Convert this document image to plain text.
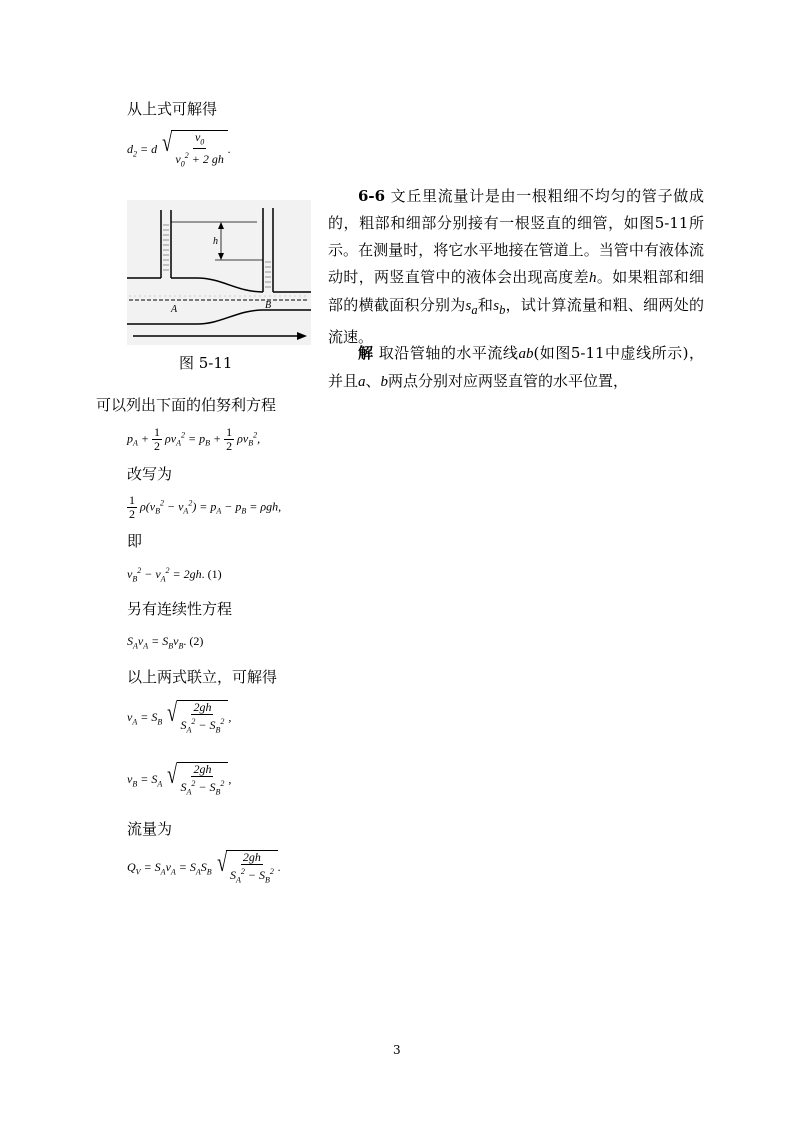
从上式可解得
$d_2 = d$ √ $\frac{v_0}{v_0^2 + 2 gh}$ .
h
A	B
图 5-11
可以列出下面的伯努利方程
$p_A + \frac{1}{2} \rho v_A^2 = p_B + \frac{1}{2} \rho v_B^2$,
改写为
$\frac{1}{2} \rho(v_B^2 - v_A^2) = p_A - p_B = \rho gh$,
即
$v_B^2 - v_A^2 = 2gh$. (1)
另有连续性方程
$S_Av_A = S_Bv_B$. (2)
以上两式联立，可解得
$v_A = S_B$ √ $\frac{2gh}{S_A^2 - S_B^2}$ ,
$v_B = S_A$ √ $\frac{2gh}{S_A^2 - S_B^2}$ ,
流量为
$Q_V = S_Av_A = S_AS_B$ √ $\frac{2gh}{S_A^2 - S_B^2}$ .
6-6 文丘里流量计是由一根粗细不均匀的管子做成的，粗部和细部分别接有一根竖直的细管，如图5-11所示。在测量时，将它水平地接在管道上。当管中有液体流动时，两竖直管中的液体会出现高度差h。如果粗部和细部的横截面积分别为$s_a$和$s_b$，试计算流量和粗、细两处的流速。
解 取沿管轴的水平流线ab(如图5-11中虚线所示)，并且a、b两点分别对应两竖直管的水平位置，
3
